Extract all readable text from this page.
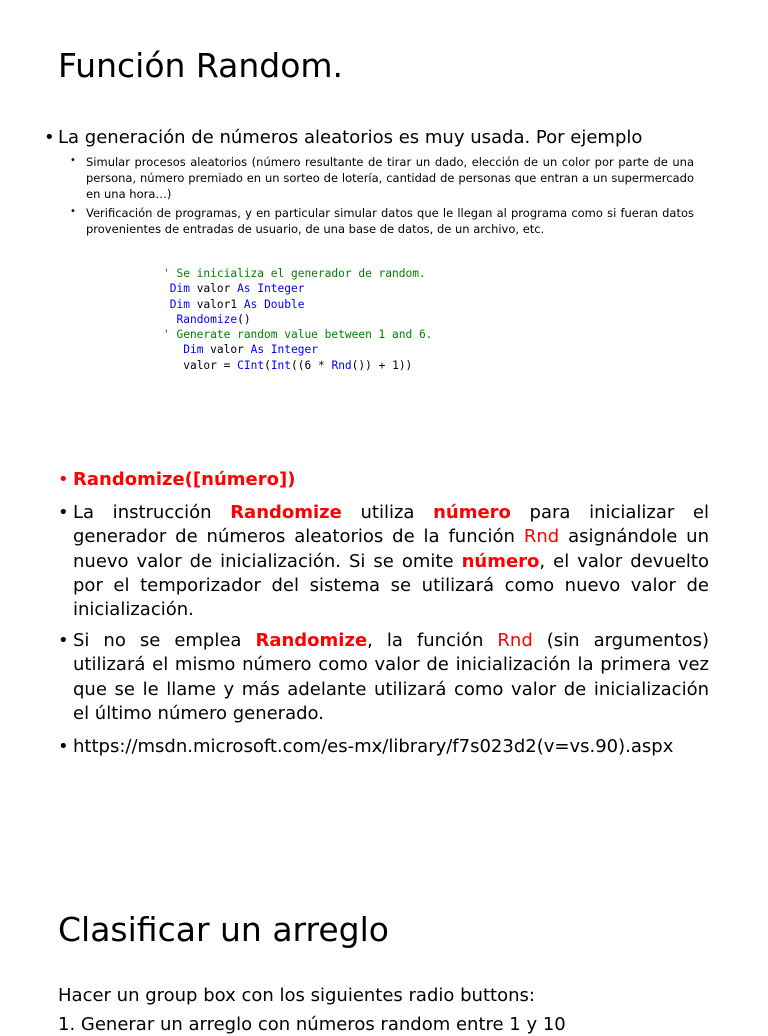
Función Random.
• La generación de números aleatorios es muy usada. Por ejemplo
• Simular procesos aleatorios (número resultante de tirar un dado, elección de un color por parte de una persona, número premiado en un sorteo de lotería, cantidad de personas que entran a un supermercado en una hora…)
• Verificación de programas, y en particular simular datos que le llegan al programa como si fueran datos provenientes de entradas de usuario, de una base de datos, de un archivo, etc.
' Se inicializa el generador de random.
Dim valor As Integer
Dim valor1 As Double
Randomize()
' Generate random value between 1 and 6.
Dim valor As Integer
valor = CInt(Int((6 * Rnd()) + 1))
• Randomize([número])
• La instrucción Randomize utiliza número para inicializar el generador de números aleatorios de la función Rnd asignándole un nuevo valor de inicialización. Si se omite número, el valor devuelto por el temporizador del sistema se utilizará como nuevo valor de inicialización.
• Si no se emplea Randomize, la función Rnd (sin argumentos) utilizará el mismo número como valor de inicialización la primera vez que se le llame y más adelante utilizará como valor de inicialización el último número generado.
• https://msdn.microsoft.com/es-mx/library/f7s023d2(v=vs.90).aspx
Clasificar un arreglo
Hacer un group box con los siguientes radio buttons:
1. Generar un arreglo con números random entre 1 y 10
